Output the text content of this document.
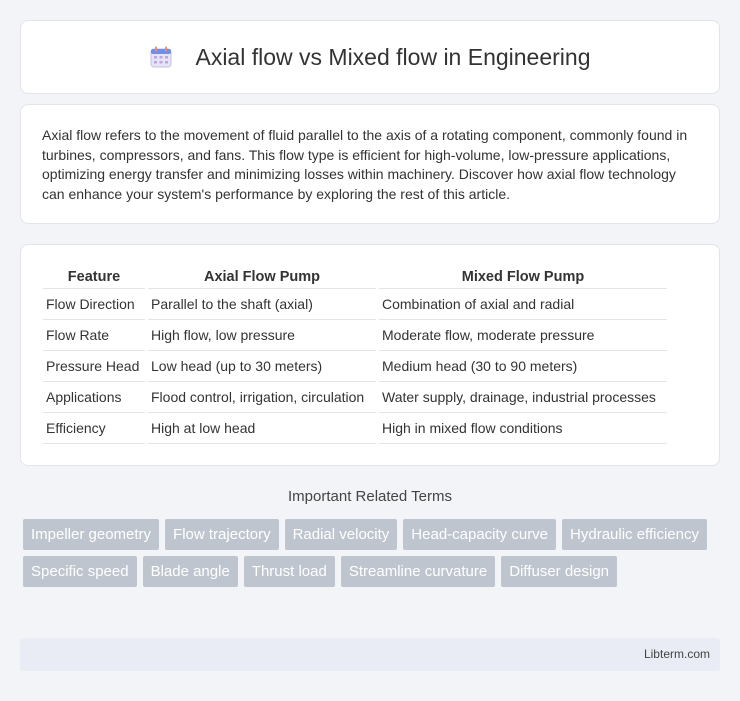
Axial flow vs Mixed flow in Engineering

Axial flow refers to the movement of fluid parallel to the axis of a rotating component, commonly found in turbines, compressors, and fans. This flow type is efficient for high-volume, low-pressure applications, optimizing energy transfer and minimizing losses within machinery. Discover how axial flow technology can enhance your system's performance by exploring the rest of this article.

Feature	Axial Flow Pump	Mixed Flow Pump
Flow Direction	Parallel to the shaft (axial)	Combination of axial and radial
Flow Rate	High flow, low pressure	Moderate flow, moderate pressure
Pressure Head	Low head (up to 30 meters)	Medium head (30 to 90 meters)
Applications	Flood control, irrigation, circulation	Water supply, drainage, industrial processes
Efficiency	High at low head	High in mixed flow conditions
Important Related Terms
Impeller geometry	Flow trajectory	Radial velocity	Head-capacity curve	Hydraulic efficiency
Specific speed	Blade angle	Thrust load	Streamline curvature	Diffuser design
Libterm.com
